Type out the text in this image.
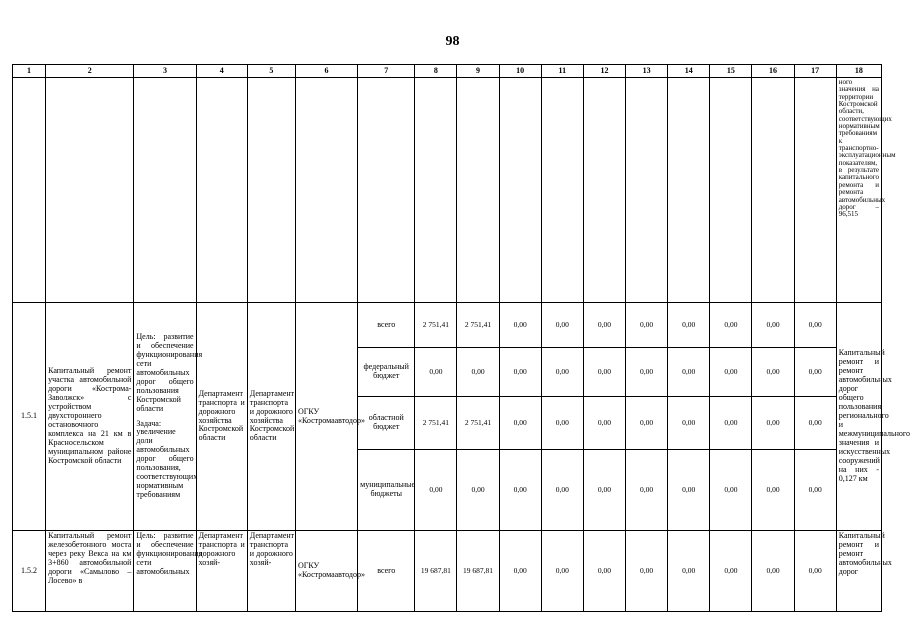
98
1	2	3	4	5	6	7	8	9	10	11	12	13	14	15	16	17	18
																	ного значения на территории Костромской области, соответствующих нормативным требованиям к транспортно-эксплуатационным показателям, в результате капитального ремонта и ремонта автомобильных дорог – 96,515
1.5.1	Капитальный ремонт участка автомобильной дороги «Кострома-Заволжск» с устройством двухстороннего остановочного комплекса на 21 км в Красносельском муниципальном районе Костромской области	Цель: развитие и обеспечение функционирования сети автомобильных дорог общего пользования Костромской области
Задача: увеличение доли автомобильных дорог общего пользования, соответствующих нормативным требованиям	Департамент транспорта и дорожного хозяйства Костромской области	Департамент транспорта и дорожного хозяйства Костромской области	ОГКУ «Костромаавтодор»	всего	2 751,41	2 751,41	0,00	0,00	0,00	0,00	0,00	0,00	0,00	0,00	Капитальный ремонт и ремонт автомобильных дорог общего пользования регионального и межмуниципального значения и искусственных сооружений на них - 0,127 км
						федеральный бюджет	0,00	0,00	0,00	0,00	0,00	0,00	0,00	0,00	0,00	0,00	
						областной бюджет	2 751,41	2 751,41	0,00	0,00	0,00	0,00	0,00	0,00	0,00	0,00	
						муниципальные бюджеты	0,00	0,00	0,00	0,00	0,00	0,00	0,00	0,00	0,00	0,00	
1.5.2	Капитальный ремонт железобетонного моста через реку Векса на км 3+860 автомобильной дороги «Самылово – Лосево» в	Цель: развитие и обеспечение функционирования сети автомобильных	Департамент транспорта и дорожного хозяй-	Департамент транспорта и дорожного хозяй-	ОГКУ «Костромаавтодор»	всего	19 687,81	19 687,81	0,00	0,00	0,00	0,00	0,00	0,00	0,00	0,00	Капитальный ремонт и ремонт автомобильных дорог
